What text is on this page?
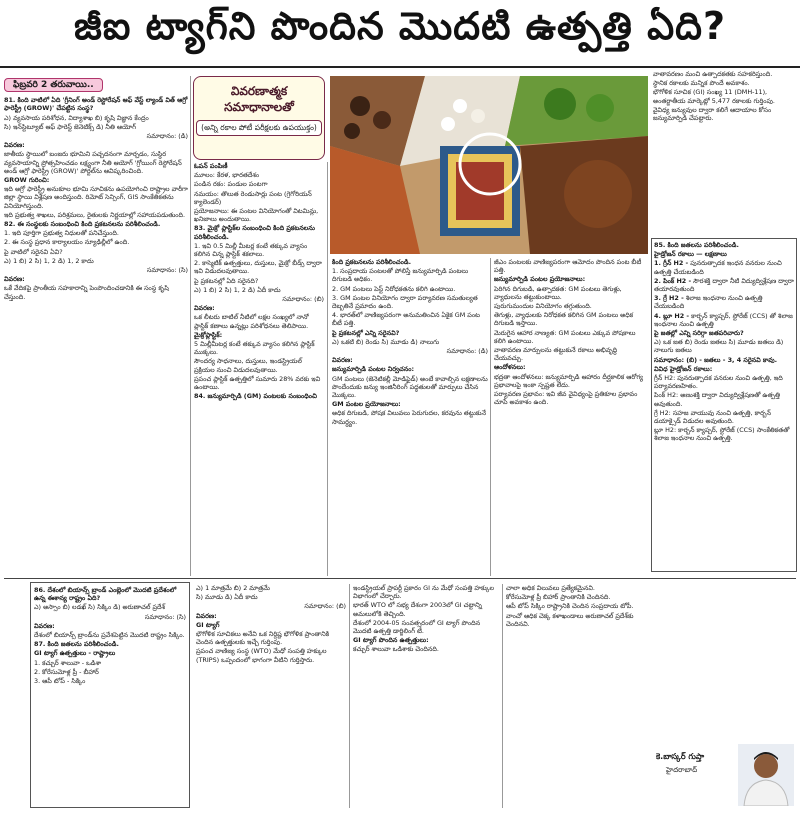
జీఐ ట్యాగ్‌ని పొందిన మొదటి ఉత్పత్తి ఏది?
ఫిబ్రవరి 2 తరువాయి..

81. కింది వాటిలో ఏది 'గ్రీనింగ్ అండ్ రెస్టోరేషన్ ఆఫ్ వేస్ట్ ల్యాండ్ విత్ ఆగ్రో ఫారెస్ట్రీ (GROW)' చేపట్టిన సంస్థ?

ఎ) వ్యవసాయ పరిశోధన, విద్యాశాఖ బి) కృషి విజ్ఞాన కేంద్రం

సి) ఇన్‌స్టిట్యూట్ ఆఫ్ ఫారెస్ట్ జెనెటిక్స్ డి) నీతి ఆయోగ్

సమాధానం: (డి)

వివరణ:

జాతీయ స్థాయిలో బంజరు భూమిని పచ్చదనంగా మార్చడం, సుస్థిర వ్యవసాయాన్ని ప్రోత్సహించడం లక్ష్యంగా నీతి ఆయోగ్ 'గ్రోయింగ్ రెస్టోరేషన్ అండ్ ఆగ్రో ఫారెస్ట్రీ (GROW)' పోర్టల్‌ను ఆవిష్కరించింది.

GROW గురించి:

ఇది అగ్రో ఫారెస్ట్రీ అనుకూల భూమి సూచికను ఉపయోగించి రాష్ట్రాల వారీగా జిల్లా స్థాయి విశ్లేషణ అందిస్తుంది. రిమోట్ సెన్సింగ్, GIS సాంకేతికతను వినియోగిస్తుంది.

ఇది ప్రభుత్వ శాఖలు, పరిశ్రమలు, రైతులకు నిర్ణయాల్లో సహాయపడుతుంది.

82. ఈ సంస్థలకు సంబంధించి కింది ప్రకటనలను పరిశీలించండి.

1. ఇది పూర్తిగా ప్రభుత్వ నిధులతో పనిచేస్తుంది.

2. ఈ సంస్థ ప్రధాన కార్యాలయం న్యూఢిల్లీలో ఉంది.

పై వాటిలో సరైనవి ఏవి?

ఎ) 1 బి) 2 సి) 1, 2 డి) 1, 2 కాదు

సమాధానం: (సి)

వివరణ:

ఒకే వేదికపై ప్రాంతీయ సహకారాన్ని పెంపొందించడానికి ఈ సంస్థ కృషి చేస్తుంది.

వివరణాత్మక సమాధానాలతో
(అన్ని రకాల పోటీ పరీక్షలకు ఉపయుక్తం)

ఓపన్ పంపిణీ

మూలం: కేరళ, భారతదేశం

పండిన రకం: పండుల పంటగా

నమయం: తొలుత రెండుసార్లు పంట (గ్రెగోరియన్ క్యాలెండర్)

ప్రయోజనాలు: ఈ పంటల వినియోగంతో విటమిన్లు, ఖనిజాలు అందుతాయి.

83. మైక్రో ప్లాస్టిక్‌ల సంబంధించి కింది ప్రకటనలను పరిశీలించండి.

1. ఇవి 0.5 మిల్లీ మీటర్ల కంటే తక్కువ వ్యాసం కలిగిన చిన్న ప్లాస్టిక్ శకలాలు.

2. కాస్మెటిక్ ఉత్పత్తులు, దుస్తులు, మైక్రో బీడ్స్ ద్వారా ఇవి విడుదలవుతాయి.

పై ప్రకటనల్లో ఏది సరైనది?

ఎ) 1 బి) 2 సి) 1, 2 డి) ఏదీ కాదు

సమాధానం: (బి)

వివరణ:

ఒక లీటరు బాటిల్ నీటిలో లక్షల సంఖ్యలో నానో ప్లాస్టిక్ కణాలు ఉన్నట్లు పరిశోధనలు తెలిపాయి.

మైక్రోప్లాస్టిక్:

5 మిల్లీమీటర్ల కంటే తక్కువ వ్యాసం కలిగిన ప్లాస్టిక్ ముక్కలు.

సౌందర్య సాధనాలు, దుస్తులు, ఇండస్ట్రియల్ ప్రక్రియల నుంచి విడుదలవుతాయి.

ప్రపంచ ప్లాస్టిక్ ఉత్పత్తిలో సుమారు 28% వరకు ఇవి ఉంటాయి.

84. జన్యుమార్పిడి (GM) పంటలకు సంబంధించి

వాతావరణం మంచి ఉత్పాదకతకు సహకరిస్తుంది.

స్థానిక రకాలకు మన్నిక పొందే అవకాశం.

భౌగోళిక సూచిక (GI) సంఖ్య 11 (DMH-11), అంతర్జాతీయ మార్కెట్లో 5,477 రకాలకు గుర్తింపు.

వైవిధ్య జన్యువుల ద్వారా కలిగే ఆదాయాల కోసం జన్యుమార్పిడి చేపట్టారు.

85. కింది జతలను పరిశీలించండి.

హైడ్రోజన్ రకాలు — లక్షణాలు

1. గ్రీన్ H2 - పునరుత్పాదక ఇంధన వనరుల నుంచి ఉత్పత్తి చేయబడింది

2. పింక్ H2 - సౌరశక్తి ద్వారా నీటి విద్యుద్విశ్లేషణ ద్వారా తయారవుతుంది

3. గ్రే H2 - శిలాజ ఇంధనాల నుంచి ఉత్పత్తి చేయబడింది

4. బ్లూ H2 - కార్బన్ క్యాప్చర్, స్టోరేజ్ (CCS) తో శిలాజ ఇంధనాల నుంచి ఉత్పత్తి

పై జతల్లో ఎన్ని సరిగ్గా జతపరిచారు?

ఎ) ఒక జత బి) రెండు జతలు సి) మూడు జతలు డి) నాలుగు జతలు

సమాధానం: (బి) - జతలు - 3, 4 సరైనవి కావు.

వివిధ హైడ్రోజన్ రకాలు:

గ్రీన్ H2: పునరుత్పాదక వనరుల నుంచి ఉత్పత్తి, ఇది పర్యావరణహితం.

పింక్ H2: అణుశక్తి ద్వారా విద్యుద్విశ్లేషణతో ఉత్పత్తి అవుతుంది.

గ్రే H2: సహజ వాయువు నుంచి ఉత్పత్తి, కార్బన్ డయాక్సైడ్ విడుదల అవుతుంది.

బ్లూ H2: కార్బన్ క్యాప్చర్, స్టోరేజ్ (CCS) సాంకేతికతతో శిలాజ ఇంధనాల నుంచి ఉత్పత్తి.

కింది ప్రకటనలను పరిశీలించండి.

1. సంప్రదాయ పంటలతో పోలిస్తే జన్యుమార్పిడి పంటలు దిగుబడి అధికం.

2. GM పంటలు పెస్ట్ నిరోధకతను కలిగి ఉంటాయి.

3. GM పంటల వినియోగం ద్వారా పర్యావరణ సమతుల్యత దెబ్బతినే ప్రమాదం ఉంది.

4. భారత్‌లో వాణిజ్యపరంగా అనుమతించిన ఏకైక GM పంట బీటీ పత్తి.

పై ప్రకటనల్లో ఎన్ని సరైనవి?

ఎ) ఒకటి బి) రెండు సి) మూడు డి) నాలుగు

సమాధానం: (డి)

వివరణ:

జన్యుమార్పిడి పంటల నిర్వచనం:

GM పంటలు (జెనెటికల్లీ మోడిఫైడ్) అంటే కావాల్సిన లక్షణాలను పొందేందుకు జన్యు ఇంజినీరింగ్ పద్ధతులతో మార్పులు చేసిన మొక్కలు.

GM పంటల ప్రయోజనాలు:

అధిక దిగుబడి, పోషక విలువలు పెరుగుదల, కరవును తట్టుకునే సామర్థ్యం.

జీఎం పంటలకు వాణిజ్యపరంగా ఆమోదం పొందిన పంట బీటీ పత్తి.

జన్యుమార్పిడి పంటల ప్రయోజనాలు:

పెరిగిన దిగుబడి, ఉత్పాదకత: GM పంటలు తెగుళ్లు, వ్యాధులను తట్టుకుంటాయి.

పురుగుమందుల వినియోగం తగ్గుతుంది.

తెగుళ్లు, వ్యాధులకు నిరోధకత కలిగిన GM పంటలు అధిక దిగుబడి ఇస్తాయి.

మెరుగైన ఆహార నాణ్యత: GM పంటలు ఎక్కువ పోషకాలు కలిగి ఉంటాయి.

వాతావరణ మార్పులను తట్టుకునే రకాలు అభివృద్ధి చేయవచ్చు.

ఆందోళనలు:

భద్రతా ఆందోళనలు: జన్యుమార్పిడి ఆహారం దీర్ఘకాలిక ఆరోగ్య ప్రభావాలపై ఇంకా స్పష్టత లేదు.

పర్యావరణ ప్రభావం: ఇవి జీవ వైవిధ్యంపై ప్రతికూల ప్రభావం చూపే అవకాశం ఉంది.

86. దేశంలో బియాన్స్ బ్రాండ్ ఎంబ్లెంలో మొదటి ప్రదేశంలో ఉన్న ఈశాన్య రాష్ట్రం ఏది?

ఎ) అస్సాం బి) లడఖ్ సి) సిక్కిం డి) అరుణాచల్ ప్రదేశ్

సమాధానం: (సి)

వివరణ:

దేశంలో బియాన్స్ బ్రాండ్‌ను ప్రవేశపెట్టిన మొదటి రాష్ట్రం సిక్కిం.

87. కింది జతలను పరిశీలించండి.

GI ట్యాగ్ ఉత్పత్తులు - రాష్ట్రాలు

1. కచ్చుర్ శాలువా - ఒడిశా

2. కోరేసుమోళ్ల ప్రీ - బీహార్

3. ఆపీ టోప్ - సిక్కిం

ఎ) 1 మాత్రమే బి) 2 మాత్రమే

సి) మూడు డి) ఏదీ కాదు

సమాధానం: (బి)

వివరణ:

GI ట్యాగ్

భౌగోళిక సూచికలు అనేవి ఒక నిర్దిష్ట భౌగోళిక ప్రాంతానికి చెందిన ఉత్పత్తులకు ఇచ్చే గుర్తింపు.

ప్రపంచ వాణిజ్య సంస్థ (WTO) మేధో సంపత్తి హక్కుల (TRIPS) ఒప్పందంలో భాగంగా వీటిని గుర్తిస్తారు.

ఇండస్ట్రియల్ ప్రాపర్టీ ప్రకారం GI ను మేధో సంపత్తి హక్కుల విభాగంలో చేర్చారు.

భారత్ WTO లో సభ్య దేశంగా 2003లో GI చట్టాన్ని అమలులోకి తెచ్చింది.

దేశంలో 2004-05 సంవత్సరంలో GI ట్యాగ్ పొందిన మొదటి ఉత్పత్తి డార్జిలింగ్ టీ.

GI ట్యాగ్ పొందిన ఉత్పత్తులు:

కచ్చుర్ శాలువా ఒడిశాకు చెందినది.

చాలా అధిక విలువలు ప్రత్యేకమైనవి.

కోరేసుమోళ్ల ప్రీ బిహార్ ప్రాంతానికి చెందినది.

ఆపీ టోప్ సిక్కిం రాష్ట్రానికి చెందిన సంప్రదాయ టోపీ.

వాంచో ఆధిక చెక్క కళాఖండాలు అరుణాచల్ ప్రదేశ్‌కు చెందినవి.

కె.బాస్కర్ గుప్తా
హైదరాబాద్
